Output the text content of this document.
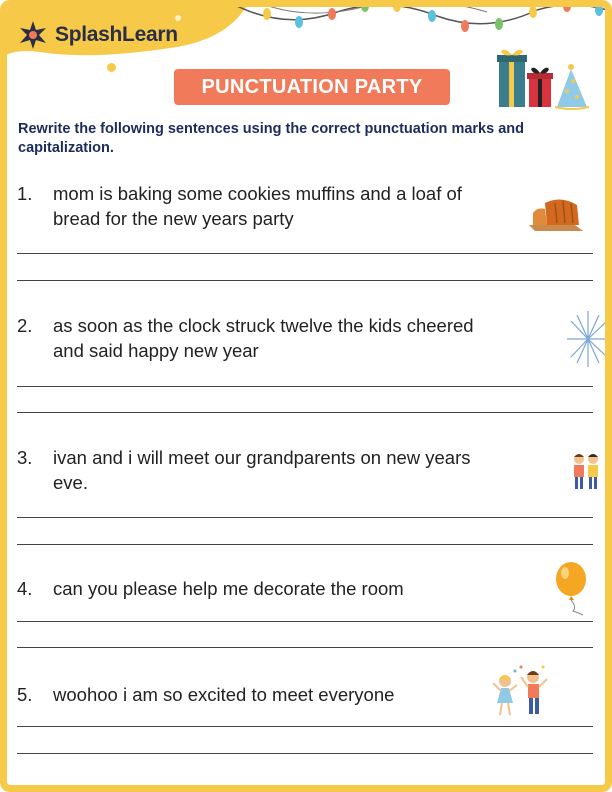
SplashLearn
PUNCTUATION PARTY
Rewrite the following sentences using the correct punctuation marks and capitalization.
1.	mom is baking some cookies muffins and a loaf of
bread for the new years party
2.	as soon as the clock struck twelve the kids cheered
and said happy new year
3.	ivan and i will meet our grandparents on new years
eve.
4.	can you please help me decorate the room
5.	woohoo i am so excited to meet everyone
